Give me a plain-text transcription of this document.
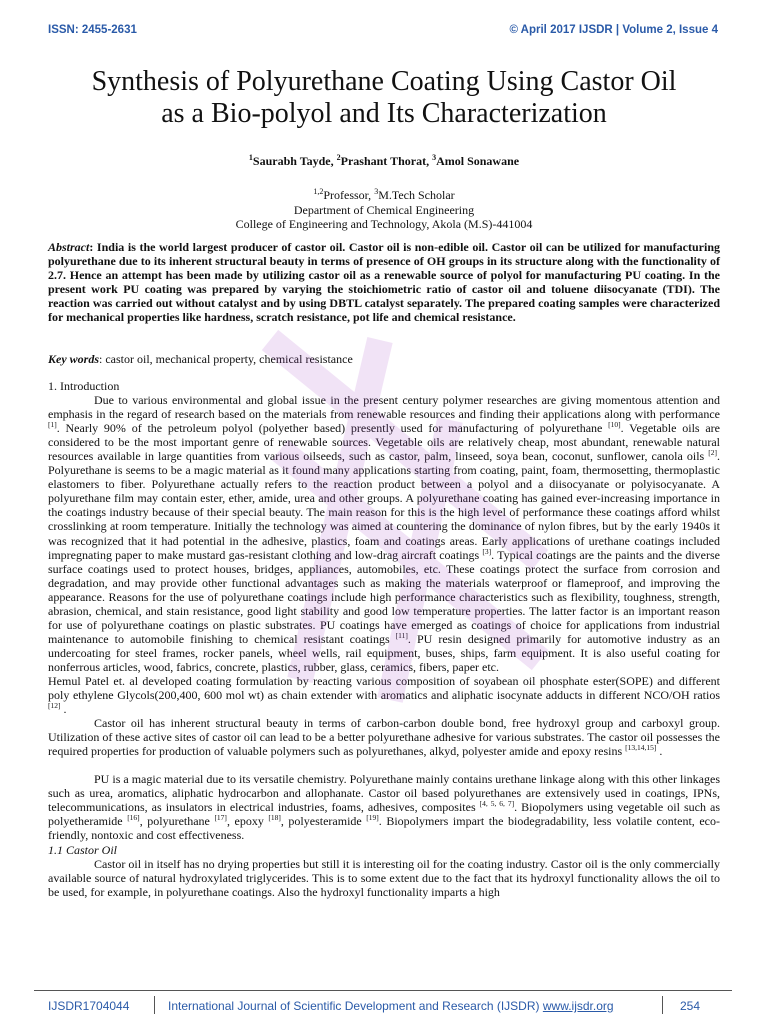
ISSN: 2455-2631	© April 2017 IJSDR | Volume 2, Issue 4
Synthesis of Polyurethane Coating Using Castor Oil
as a Bio-polyol and Its Characterization
$^1$Saurabh Tayde, $^2$Prashant Thorat, $^3$Amol Sonawane
$^{1,2}$Professor, $^3$M.Tech Scholar
Department of Chemical Engineering
College of Engineering and Technology, Akola (M.S)-441004

Abstract: India is the world largest producer of castor oil. Castor oil is non-edible oil. Castor oil can be utilized for manufacturing polyurethane due to its inherent structural beauty in terms of presence of OH groups in its structure along with the functionality of 2.7. Hence an attempt has been made by utilizing castor oil as a renewable source of polyol for manufacturing PU coating. In the present work PU coating was prepared by varying the stoichiometric ratio of castor oil and toluene diisocyanate (TDI). The reaction was carried out without catalyst and by using DBTL catalyst separately. The prepared coating samples were characterized for mechanical properties like hardness, scratch resistance, pot life and chemical resistance.

Key words: castor oil, mechanical property, chemical resistance

1. Introduction

Due to various environmental and global issue in the present century polymer researches are giving momentous attention and emphasis in the regard of research based on the materials from renewable resources and finding their applications along with performance [1]. Nearly 90% of the petroleum polyol (polyether based) presently used for manufacturing of polyurethane [10]. Vegetable oils are considered to be the most important genre of renewable sources. Vegetable oils are relatively cheap, most abundant, renewable natural resources available in large quantities from various oilseeds, such as castor, palm, linseed, soya bean, coconut, sunflower, canola oils [2]. Polyurethane is seems to be a magic material as it found many applications starting from coating, paint, foam, thermosetting, thermoplastic elastomers to fiber. Polyurethane actually refers to the reaction product between a polyol and a diisocyanate or polyisocyanate. A polyurethane film may contain ester, ether, amide, urea and other groups. A polyurethane coating has gained ever-increasing importance in the coatings industry because of their special beauty. The main reason for this is the high level of performance these coatings afford whilst crosslinking at room temperature. Initially the technology was aimed at countering the dominance of nylon fibres, but by the early 1940s it was recognized that it had potential in the adhesive, plastics, foam and coatings areas. Early applications of urethane coatings included impregnating paper to make mustard gas-resistant clothing and low-drag aircraft coatings [3]. Typical coatings are the paints and the diverse surface coatings used to protect houses, bridges, appliances, automobiles, etc. These coatings protect the surface from corrosion and degradation, and may provide other functional advantages such as making the materials waterproof or flameproof, and improving the appearance. Reasons for the use of polyurethane coatings include high performance characteristics such as flexibility, toughness, strength, abrasion, chemical, and stain resistance, good light stability and good low temperature properties. The latter factor is an important reason for use of polyurethane coatings on plastic substrates. PU coatings have emerged as coatings of choice for applications from industrial maintenance to automobile finishing to chemical resistant coatings [11]. PU resin designed primarily for automotive industry as an undercoating for steel frames, rocker panels, wheel wells, rail equipment, buses, ships, farm equipment. It is also useful coating for nonferrous articles, wood, fabrics, concrete, plastics, rubber, glass, ceramics, fibers, paper etc.

Hemul Patel et. al developed coating formulation by reacting various composition of soyabean oil phosphate ester(SOPE) and different poly ethylene Glycols(200,400, 600 mol wt) as chain extender with aromatics and aliphatic isocynate adducts in different NCO/OH ratios [12] .

Castor oil has inherent structural beauty in terms of carbon-carbon double bond, free hydroxyl group and carboxyl group. Utilization of these active sites of castor oil can lead to be a better polyurethane adhesive for various substrates. The castor oil possesses the required properties for production of valuable polymers such as polyurethanes, alkyd, polyester amide and epoxy resins [13,14,15] .

PU is a magic material due to its versatile chemistry. Polyurethane mainly contains urethane linkage along with this other linkages such as urea, aromatics, aliphatic hydrocarbon and allophanate. Castor oil based polyurethanes are extensively used in coatings, IPNs, telecommunications, as insulators in electrical industries, foams, adhesives, composites [4, 5, 6, 7]. Biopolymers using vegetable oil such as polyetheramide [16], polyurethane [17], epoxy [18], polyesteramide [19]. Biopolymers impart the biodegradability, less volatile content, eco-friendly, nontoxic and cost effectiveness.

1.1 Castor Oil

Castor oil in itself has no drying properties but still it is interesting oil for the coating industry. Castor oil is the only commercially available source of natural hydroxylated triglycerides. This is to some extent due to the fact that its hydroxyl functionality allows the oil to be used, for example, in polyurethane coatings. Also the hydroxyl functionality imparts a high

IJSDR1704044	International Journal of Scientific Development and Research (IJSDR) www.ijsdr.org	254
